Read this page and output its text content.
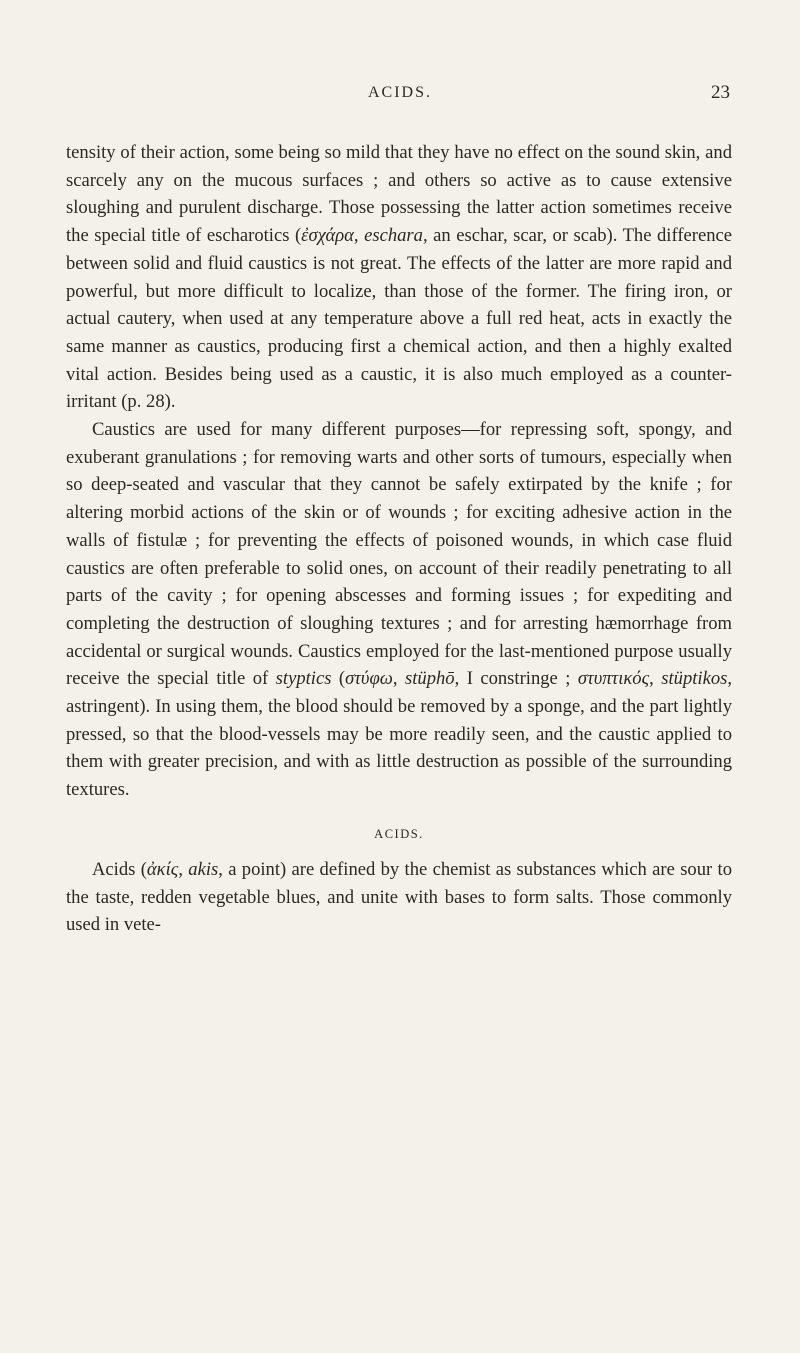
ACIDS.	23

tensity of their action, some being so mild that they have no effect on the sound skin, and scarcely any on the mucous surfaces ; and others so active as to cause extensive sloughing and purulent discharge. Those possessing the latter action sometimes receive the special title of escharotics (ἐσχάρα, eschara, an eschar, scar, or scab). The difference between solid and fluid caustics is not great. The effects of the latter are more rapid and powerful, but more difficult to localize, than those of the former. The firing iron, or actual cautery, when used at any temperature above a full red heat, acts in exactly the same manner as caustics, producing first a chemical action, and then a highly exalted vital action. Besides being used as a caustic, it is also much employed as a counter-irritant (p. 28).

Caustics are used for many different purposes—for repressing soft, spongy, and exuberant granulations ; for removing warts and other sorts of tumours, especially when so deep-seated and vascular that they cannot be safely extirpated by the knife ; for altering morbid actions of the skin or of wounds ; for exciting adhesive action in the walls of fistulæ ; for preventing the effects of poisoned wounds, in which case fluid caustics are often preferable to solid ones, on account of their readily penetrating to all parts of the cavity ; for opening abscesses and forming issues ; for expediting and completing the destruction of sloughing textures ; and for arresting hæmorrhage from accidental or surgical wounds. Caustics employed for the last-mentioned purpose usually receive the special title of styptics (στύφω, stüphō, I constringe ; στυπτικός, stüptikos, astringent). In using them, the blood should be removed by a sponge, and the part lightly pressed, so that the blood-vessels may be more readily seen, and the caustic applied to them with greater precision, and with as little destruction as possible of the surrounding textures.

ACIDS.

Acids (ἀκίς, akis, a point) are defined by the chemist as substances which are sour to the taste, redden vegetable blues, and unite with bases to form salts. Those commonly used in vete-
